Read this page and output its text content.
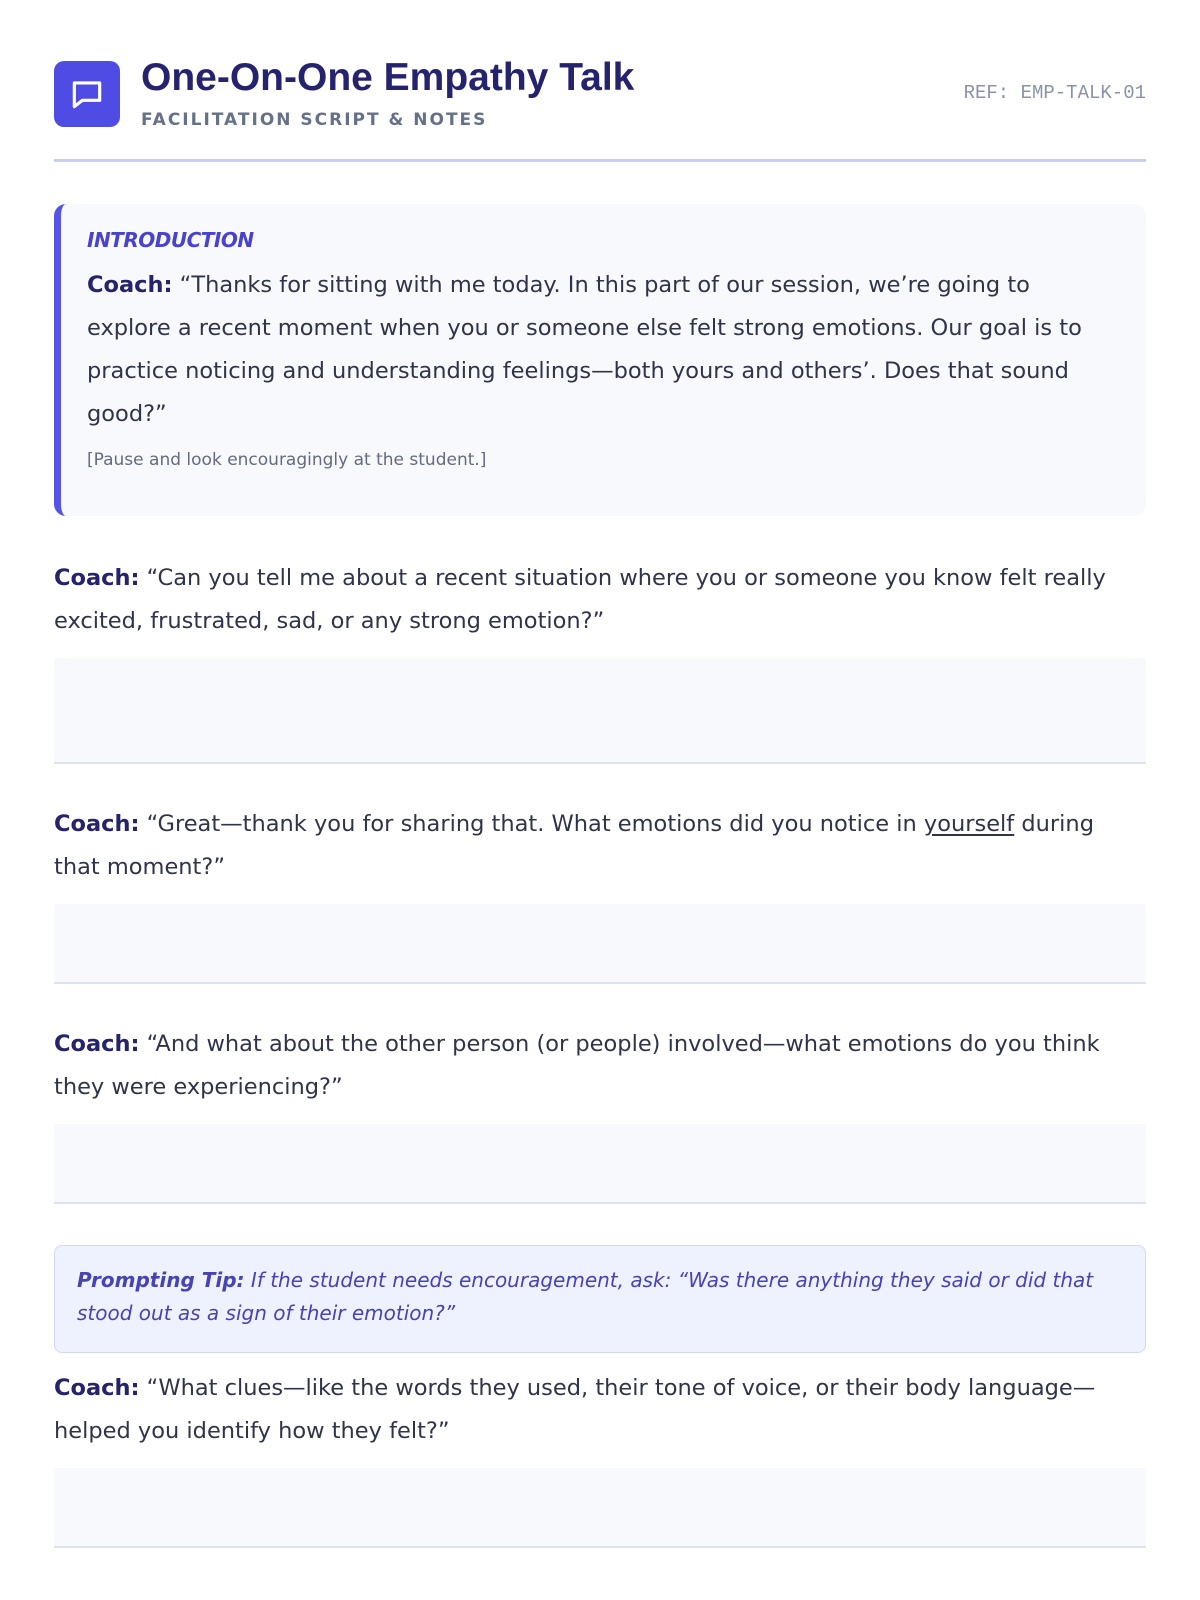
One-On-One Empathy Talk
FACILITATION SCRIPT & NOTES
REF: EMP-TALK-01
INTRODUCTION
Coach: “Thanks for sitting with me today. In this part of our session, we’re going to explore a recent moment when you or someone else felt strong emotions. Our goal is to practice noticing and understanding feelings—both yours and others’. Does that sound good?”
[Pause and look encouragingly at the student.]

Coach: “Can you tell me about a recent situation where you or someone you know felt really excited, frustrated, sad, or any strong emotion?”

Coach: “Great—thank you for sharing that. What emotions did you notice in yourself during that moment?”

Coach: “And what about the other person (or people) involved—what emotions do you think they were experiencing?”

Prompting Tip: If the student needs encouragement, ask: “Was there anything they said or did that stood out as a sign of their emotion?”

Coach: “What clues—like the words they used, their tone of voice, or their body language—helped you identify how they felt?”
